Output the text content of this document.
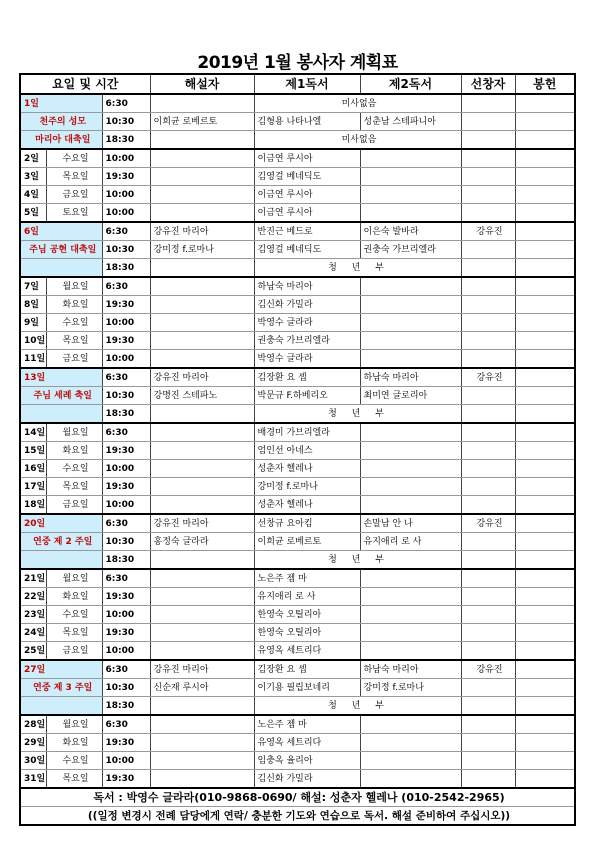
2019년 1월 봉사자 계획표
요일 및 시간			해설자	제1독서	제2독서	선창자	봉헌
1일		6:30		미사없음			
천주의 성모		10:30	이희균 로베르토	김형용 나타나엘	성춘남 스테파니아		
마리아 대축일		18:30		미사없음			
2일	수요일	10:00		이금연 루시아			
3일	목요일	19:30		김영걸 베네딕도			
4일	금요일	10:00		이금연 루시아			
5일	토요일	10:00		이금연 루시아			
6일		6:30	강유진 마리아	반진근 베드로	이은숙 발바라	강유진	
주님 공현 대축일		10:30	강미정 f.로마나	김영걸 베네딕도	권충숙 가브리엘라		
		18:30		청 년 부			
7일	월요일	6:30		하남숙 마리아			
8일	화요일	19:30		김신화 가밀라			
9일	수요일	10:00		박영수 글라라			
10일	목요일	19:30		권충숙 가브리엘라			
11일	금요일	10:00		박영수 글라라			
13일		6:30	강유진 마리아	김장환 요 셉	하남숙 마리아	강유진	
주님 세례 축일		10:30	강명진 스테파노	박문규 F.하베리오	최미연 글로리아		
		18:30		청 년 부			
14일	월요일	6:30		배경미 가브리엘라			
15일	화요일	19:30		엄인선 아네스			
16일	수요일	10:00		성춘자 헬레나			
17일	목요일	19:30		강미정 f.로마나			
18일	금요일	10:00		성춘자 헬레나			
20일		6:30	강유진 마리아	선창규 요아킴	손말남 안 나	강유진	
연중 제 2 주일		10:30	홍정숙 글라라	이희균 로베르토	유지애리 로 사		
		18:30		청 년 부			
21일	월요일	6:30		노은주 젬 마			
22일	화요일	19:30		유지애리 로 사			
23일	수요일	10:00		한영숙 오틸리아			
24일	목요일	19:30		한영숙 오틸리아			
25일	금요일	10:00		유영옥 세트리다			
27일		6:30	강유진 마리아	김장환 요 셉	하남숙 마리아	강유진	
연중 제 3 주일		10:30	신순재 루시아	이기용 필립보네리	강미정 f.로마나		
		18:30		청 년 부			
28일	월요일	6:30		노은주 젬 마			
29일	화요일	19:30		유영옥 세트리다			
30일	수요일	10:00		임충옥 율리아			
31일	목요일	19:30		김신화 가밀라			
독서 : 박영수 글라라(010-9868-0690/ 해설: 성춘자 헬레나 (010-2542-2965)							
((일정 변경시 전례 담당에게 연락/ 충분한 기도와 연습으로 독서. 해설 준비하여 주십시오))							
